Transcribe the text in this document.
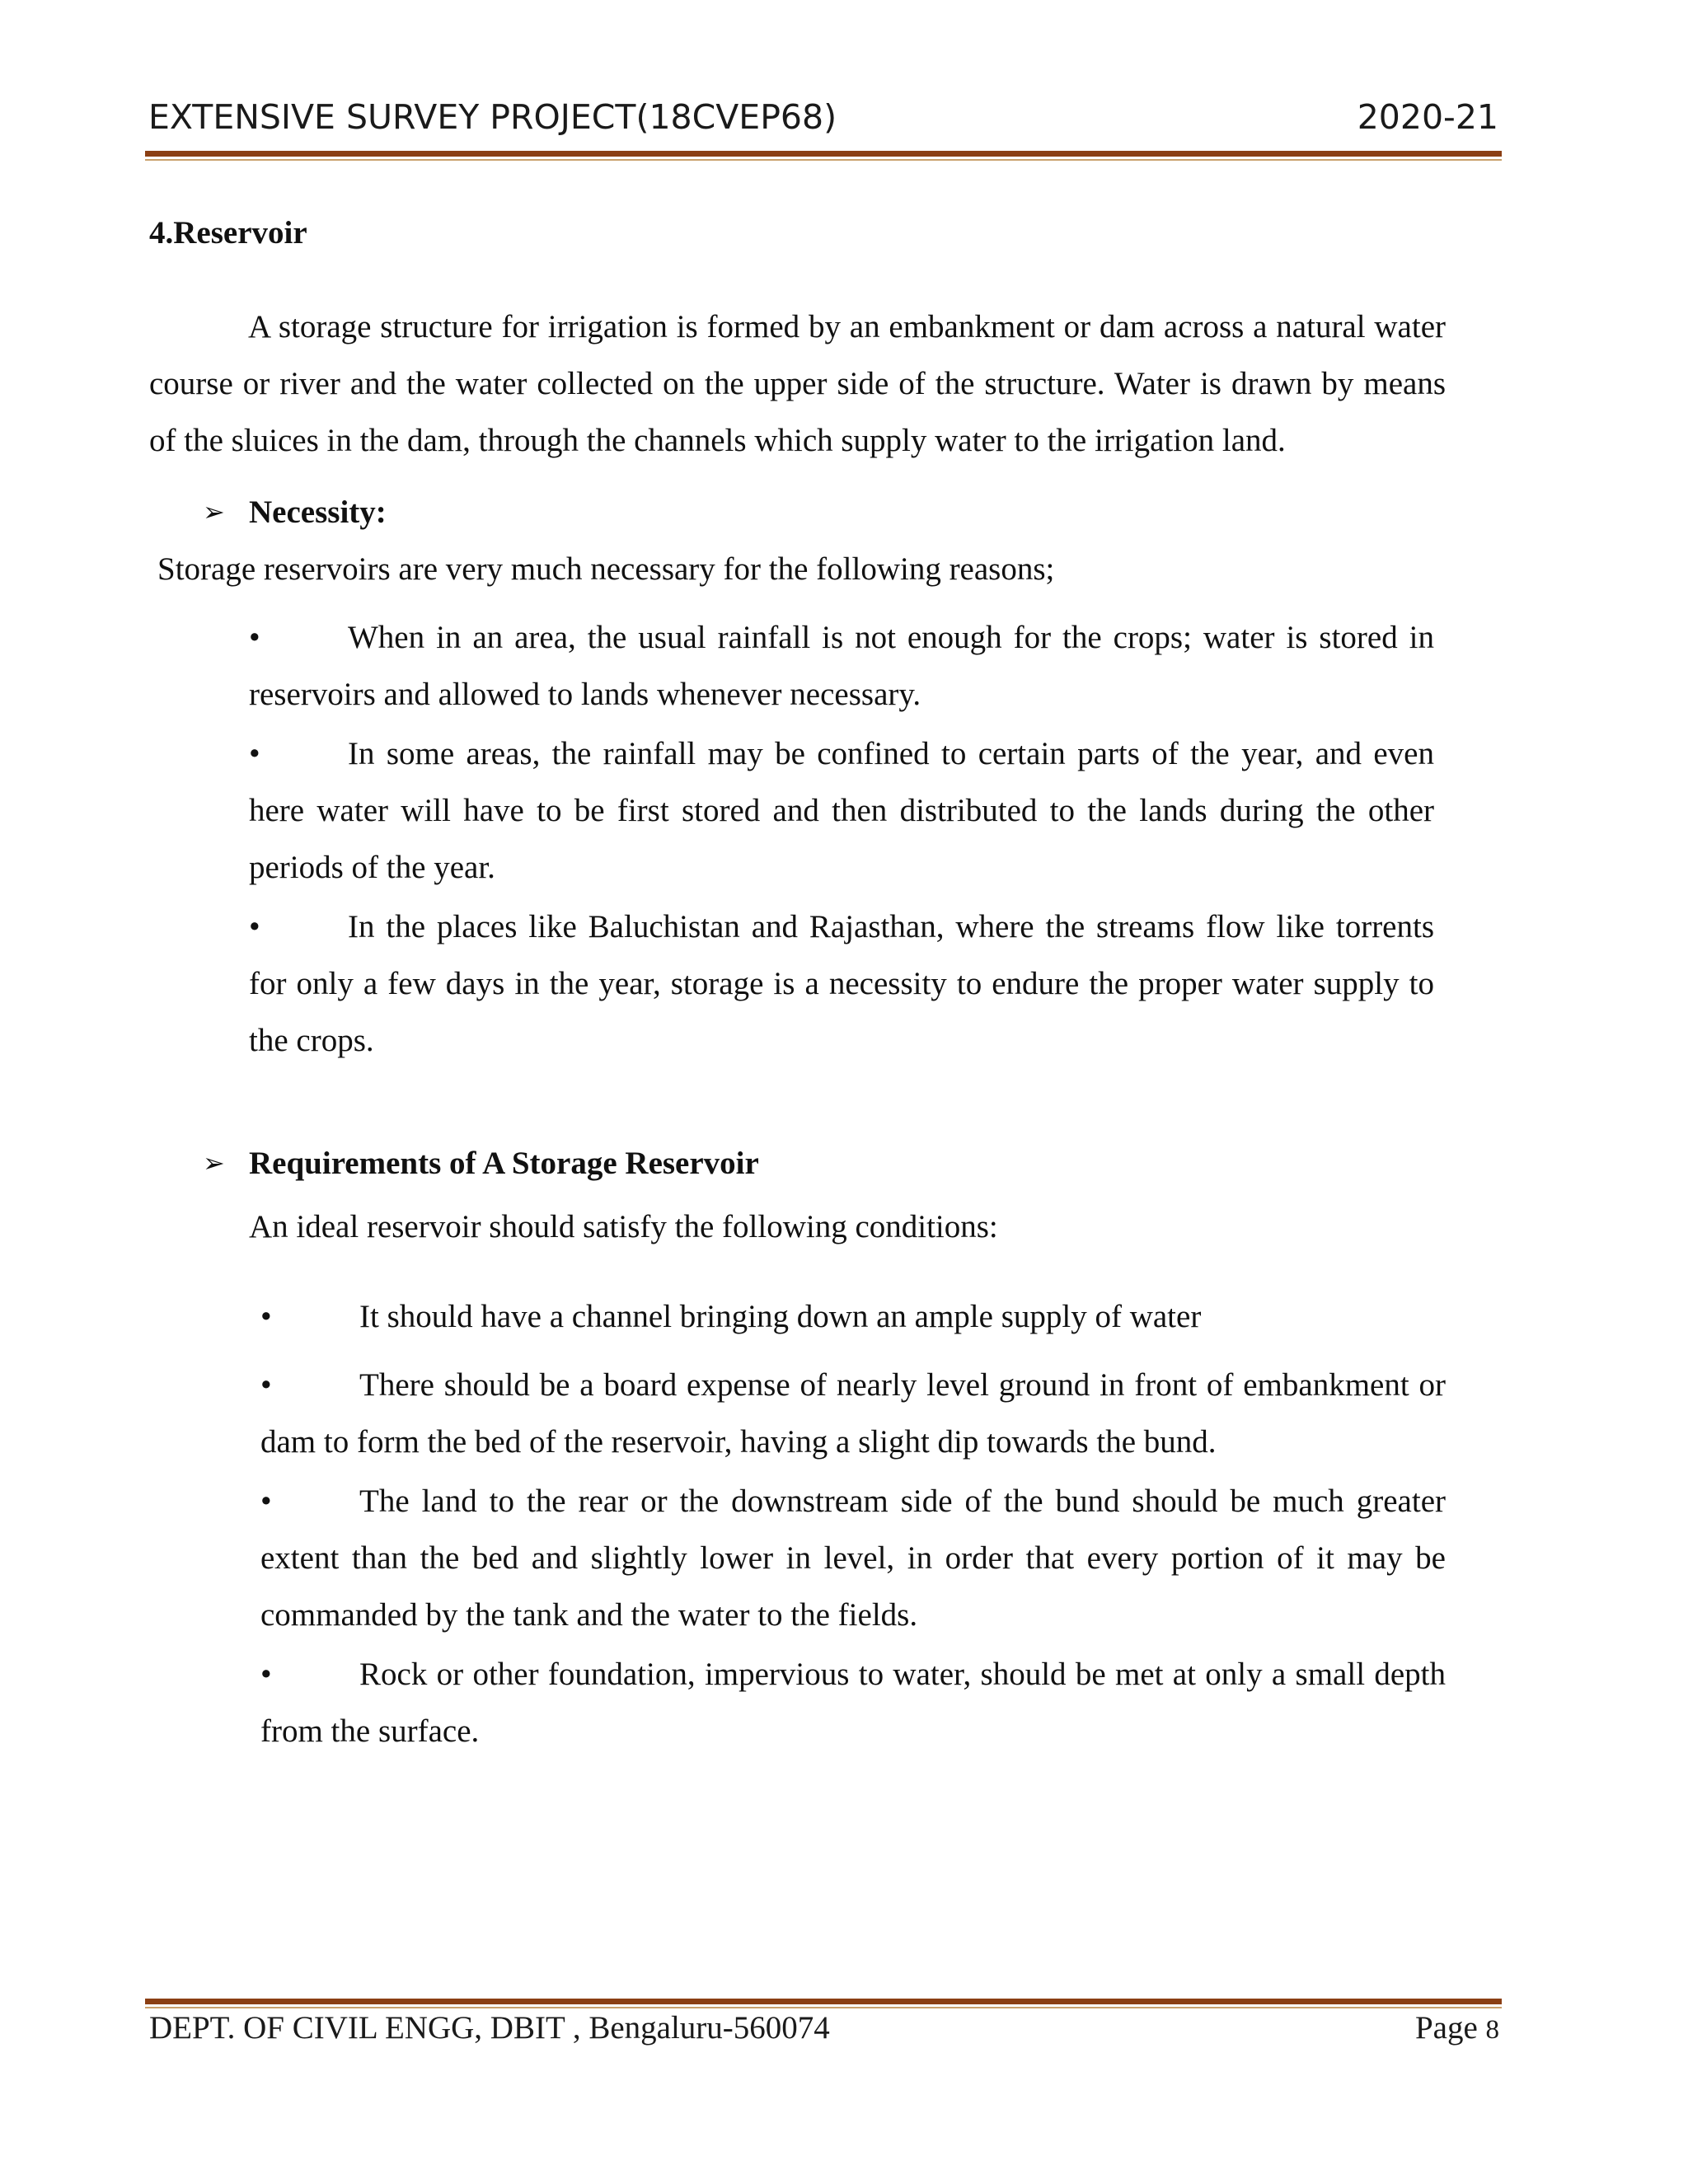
EXTENSIVE SURVEY PROJECT(18CVEP68)	2020-21
4.Reservoir

A storage structure for irrigation is formed by an embankment or dam across a natural water course or river and the water collected on the upper side of the structure. Water is drawn by means of the sluices in the dam, through the channels which supply water to the irrigation land.

➢ Necessity:

Storage reservoirs are very much necessary for the following reasons;

•	When in an area, the usual rainfall is not enough for the crops; water is stored in reservoirs and allowed to lands whenever necessary.
•	In some areas, the rainfall may be confined to certain parts of the year, and even here water will have to be first stored and then distributed to the lands during the other periods of the year.
•	In the places like Baluchistan and Rajasthan, where the streams flow like torrents for only a few days in the year, storage is a necessity to endure the proper water supply to the crops.
➢ Requirements of A Storage Reservoir

An ideal reservoir should satisfy the following conditions:

•	It should have a channel bringing down an ample supply of water
•	There should be a board expense of nearly level ground in front of embankment or dam to form the bed of the reservoir, having a slight dip towards the bund.
•	The land to the rear or the downstream side of the bund should be much greater extent than the bed and slightly lower in level, in order that every portion of it may be commanded by the tank and the water to the fields.
•	Rock or other foundation, impervious to water, should be met at only a small depth from the surface.
DEPT. OF CIVIL ENGG, DBIT , Bengaluru-560074	Page 8
